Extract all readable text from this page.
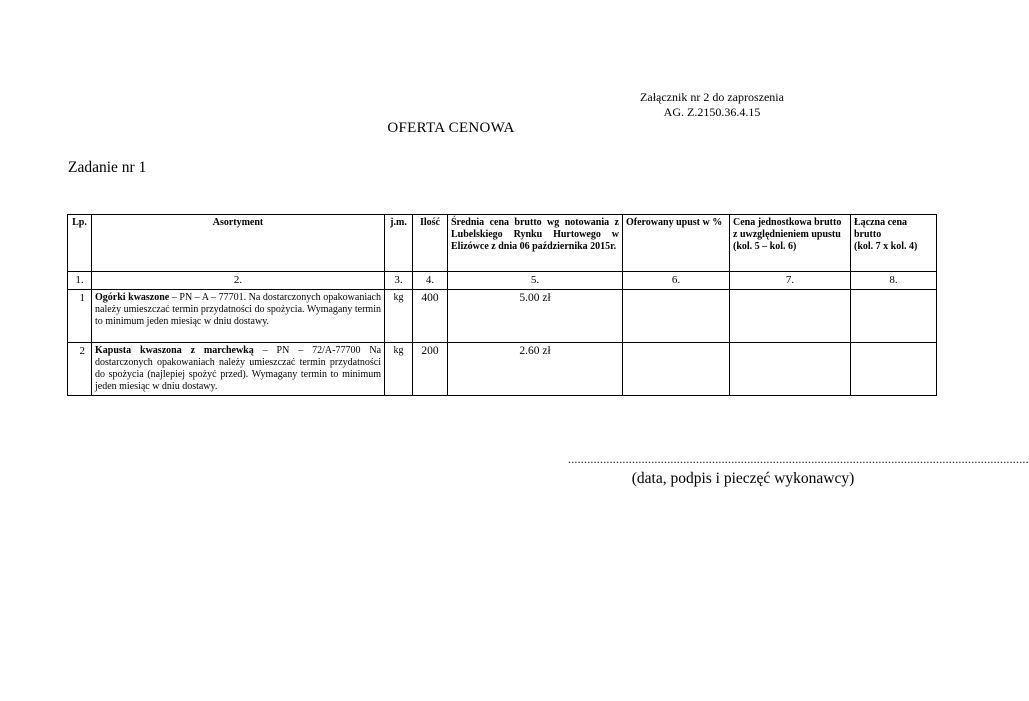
Załącznik nr 2 do zaproszenia
AG. Z.2150.36.4.15
OFERTA CENOWA
Zadanie nr 1
Lp.	Asortyment	j.m.	Ilość	Średnia cena brutto wg notowania z Lubelskiego Rynku Hurtowego w Elizówce z dnia 06 października 2015r.	Oferowany upust w %	Cena jednostkowa brutto z uwzględnieniem upustu (kol. 5 – kol. 6)	Łączna cena brutto
(kol. 7 x kol. 4)

1.	2.	3.	4.	5.	6.	7.	8.
1	Ogórki kwaszone – PN – A – 77701. Na dostarczonych opakowaniach należy umieszczać termin przydatności do spożycia. Wymagany termin to minimum jeden miesiąc w dniu dostawy.	kg	400	5.00 zł			
2	Kapusta kwaszona z marchewką – PN – 72/A-77700 Na dostarczonych opakowaniach należy umieszczać termin przydatności do spożycia (najlepiej spożyć przed). Wymagany termin to minimum jeden miesiąc w dniu dostawy.	kg	200	2.60 zł			
................................................................................................................................................
(data, podpis i pieczęć wykonawcy)
